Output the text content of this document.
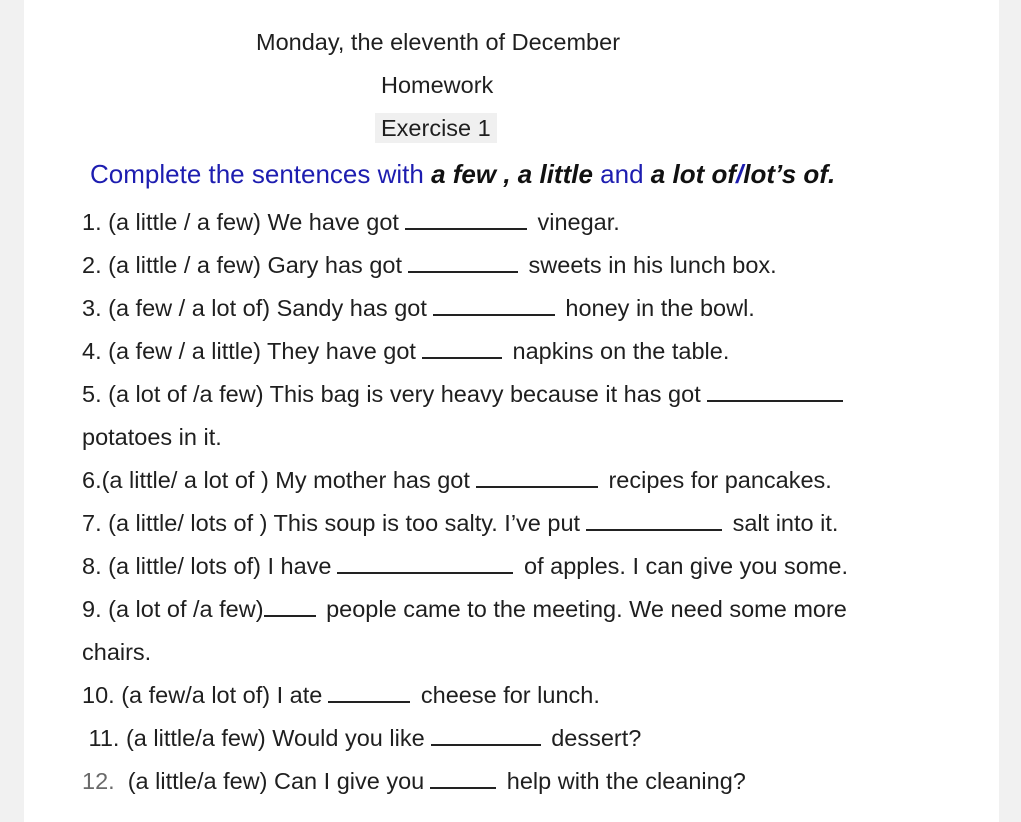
Monday, the eleventh of December
Homework
Exercise 1
Complete the sentences with a few , a little and a lot of/lot’s of.
1. (a little / a few) We have got	vinegar.
2. (a little / a few) Gary has got	sweets in his lunch box.
3. (a few / a lot of) Sandy has got	honey in the bowl.
4. (a few / a little) They have got	napkins on the table.
5. (a lot of /a few) This bag is very heavy because it has got
potatoes in it.
6.(a little/ a lot of ) My mother has got	recipes for pancakes.
7. (a little/ lots of ) This soup is too salty. I’ve put	salt into it.
8. (a little/ lots of) I have	of apples. I can give you some.
9. (a lot of /a few)	people came to the meeting. We need some more
chairs.
10. (a few/a lot of) I ate	cheese for lunch.
11. (a little/a few) Would you like	dessert?
12.  (a little/a few) Can I give you	help with the cleaning?
